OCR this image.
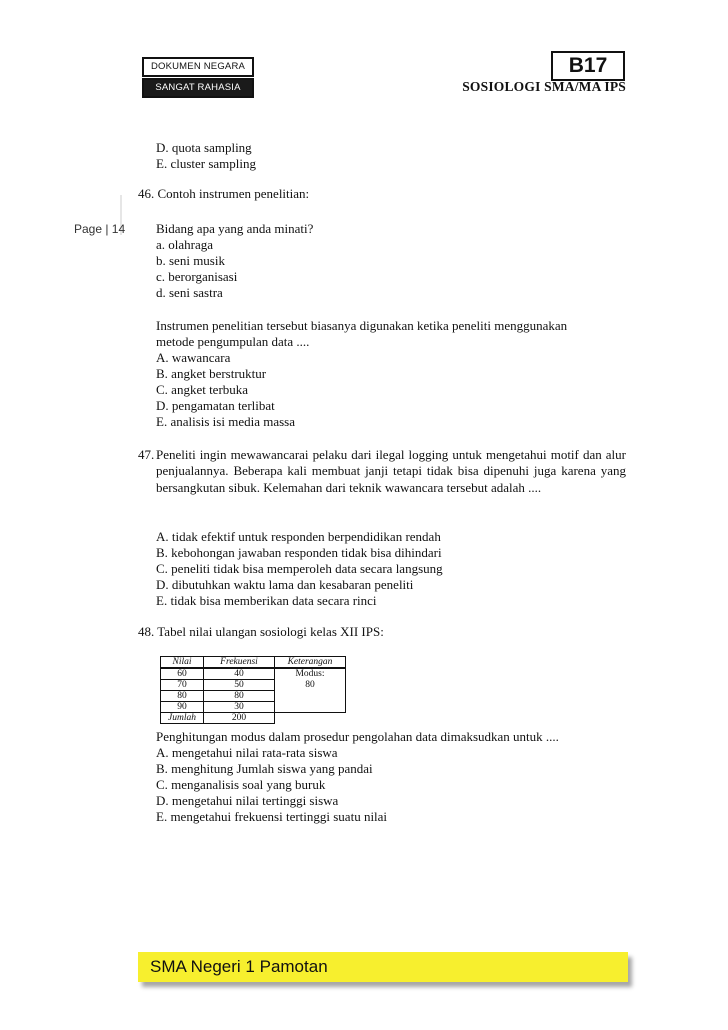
DOKUMEN NEGARA
SANGAT RAHASIA
B17
SOSIOLOGI SMA/MA IPS
Page | 14
D. quota sampling
E. cluster sampling
46. Contoh instrumen penelitian:
Bidang apa yang anda minati?
a. olahraga
b. seni musik
c. berorganisasi
d. seni sastra
Instrumen penelitian tersebut biasanya digunakan ketika peneliti menggunakan
metode pengumpulan data ....
A. wawancara
B. angket berstruktur
C. angket terbuka
D. pengamatan terlibat
E. analisis isi media massa
47. Peneliti ingin mewawancarai pelaku dari ilegal logging untuk mengetahui motif dan alur penjualannya. Beberapa kali membuat janji tetapi tidak bisa dipenuhi juga karena yang bersangkutan sibuk. Kelemahan dari teknik wawancara tersebut adalah ....
A. tidak efektif untuk responden berpendidikan rendah
B. kebohongan jawaban responden tidak bisa dihindari
C. peneliti tidak bisa memperoleh data secara langsung
D. dibutuhkan waktu lama dan kesabaran peneliti
E. tidak bisa memberikan data secara rinci
48. Tabel nilai ulangan sosiologi kelas XII IPS:
Nilai	Frekuensi	Keterangan
60	40	Modus:
70	50	80
80	80	
90	30	
Jumlah	200	
Penghitungan modus dalam prosedur pengolahan data dimaksudkan untuk ....
A. mengetahui nilai rata-rata siswa
B. menghitung Jumlah siswa yang pandai
C. menganalisis soal yang buruk
D. mengetahui nilai tertinggi siswa
E. mengetahui frekuensi tertinggi suatu nilai
SMA Negeri 1 Pamotan
